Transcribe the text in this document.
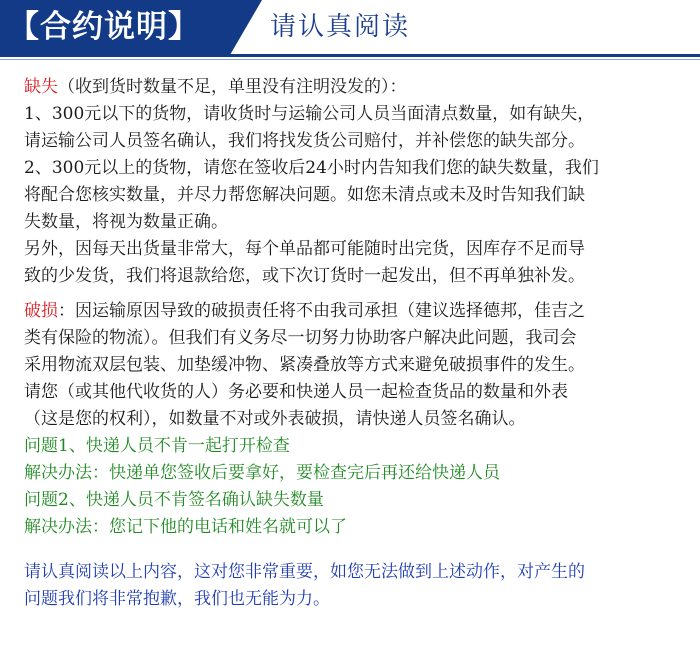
【合约说明】	请认真阅读
缺失（收到货时数量不足，单里没有注明没发的）：
1、300元以下的货物，请收货时与运输公司人员当面清点数量，如有缺失，
请运输公司人员签名确认，我们将找发货公司赔付，并补偿您的缺失部分。
2、300元以上的货物，请您在签收后24小时内告知我们您的缺失数量，我们
将配合您核实数量，并尽力帮您解决问题。如您未清点或未及时告知我们缺
失数量，将视为数量正确。
另外，因每天出货量非常大，每个单品都可能随时出完货，因库存不足而导
致的少发货，我们将退款给您，或下次订货时一起发出，但不再单独补发。
破损：因运输原因导致的破损责任将不由我司承担（建议选择德邦，佳吉之
类有保险的物流）。但我们有义务尽一切努力协助客户解决此问题，我司会
采用物流双层包装、加垫缓冲物、紧凑叠放等方式来避免破损事件的发生。
请您（或其他代收货的人）务必要和快递人员一起检查货品的数量和外表
（这是您的权利），如数量不对或外表破损，请快递人员签名确认。
问题1、快递人员不肯一起打开检查
解决办法：快递单您签收后要拿好，要检查完后再还给快递人员
问题2、快递人员不肯签名确认缺失数量
解决办法：您记下他的电话和姓名就可以了
请认真阅读以上内容，这对您非常重要，如您无法做到上述动作，对产生的
问题我们将非常抱歉，我们也无能为力。
